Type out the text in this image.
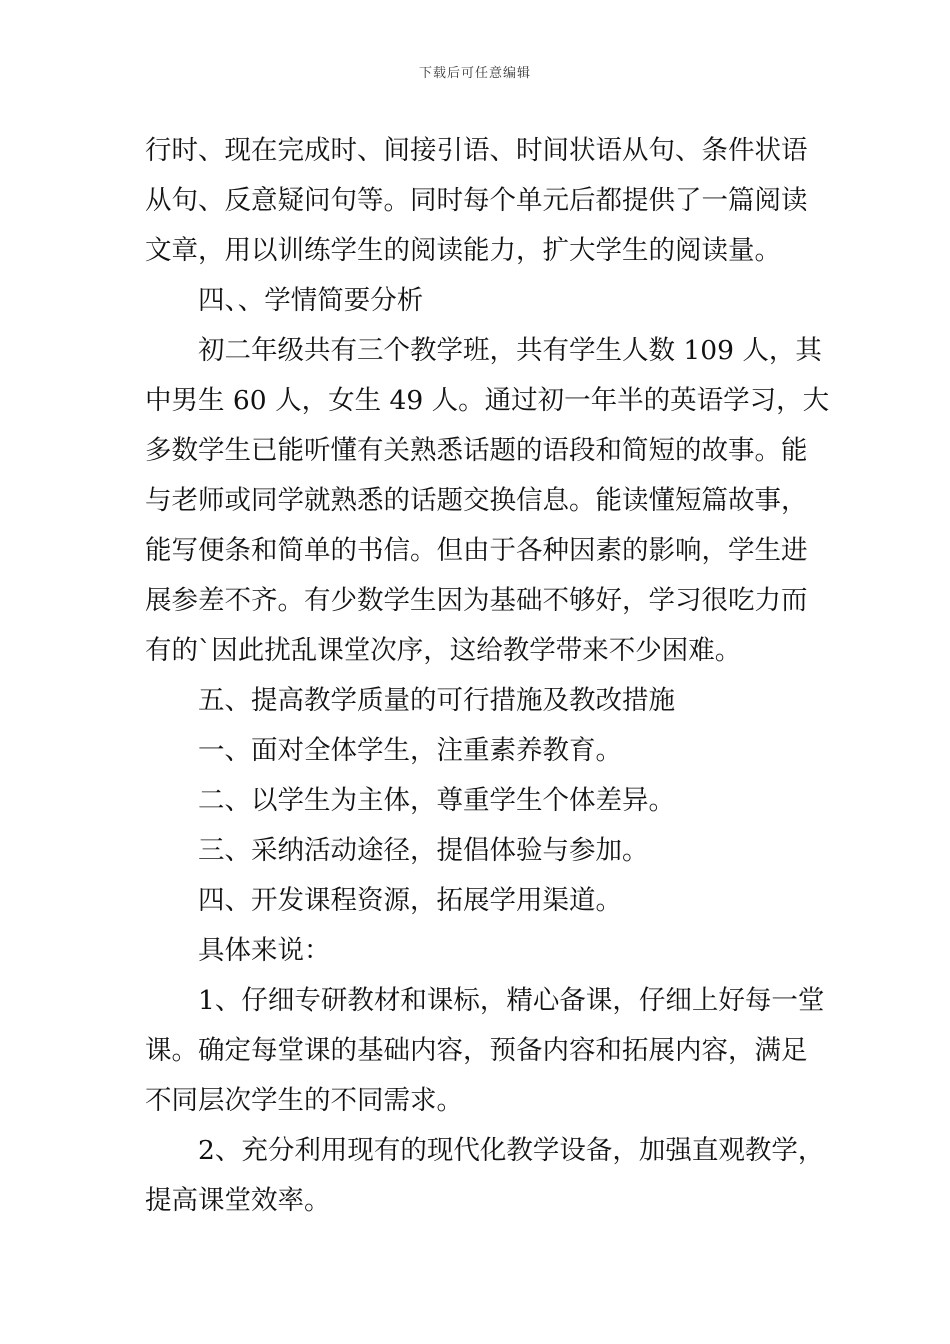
下载后可任意编辑
行时、现在完成时、间接引语、时间状语从句、条件状语
从句、反意疑问句等。同时每个单元后都提供了一篇阅读
文章，用以训练学生的阅读能力，扩大学生的阅读量。
四、、学情简要分析
初二年级共有三个教学班，共有学生人数 109 人，其
中男生 60 人，女生 49 人。通过初一年半的英语学习，大
多数学生已能听懂有关熟悉话题的语段和简短的故事。能
与老师或同学就熟悉的话题交换信息。能读懂短篇故事，
能写便条和简单的书信。但由于各种因素的影响，学生进
展参差不齐。有少数学生因为基础不够好，学习很吃力而
有的`因此扰乱课堂次序，这给教学带来不少困难。
五、提高教学质量的可行措施及教改措施
一、面对全体学生，注重素养教育。
二、以学生为主体，尊重学生个体差异。
三、采纳活动途径，提倡体验与参加。
四、开发课程资源，拓展学用渠道。
具体来说：
1、仔细专研教材和课标，精心备课，仔细上好每一堂
课。确定每堂课的基础内容，预备内容和拓展内容，满足
不同层次学生的不同需求。
2、充分利用现有的现代化教学设备，加强直观教学，
提高课堂效率。
